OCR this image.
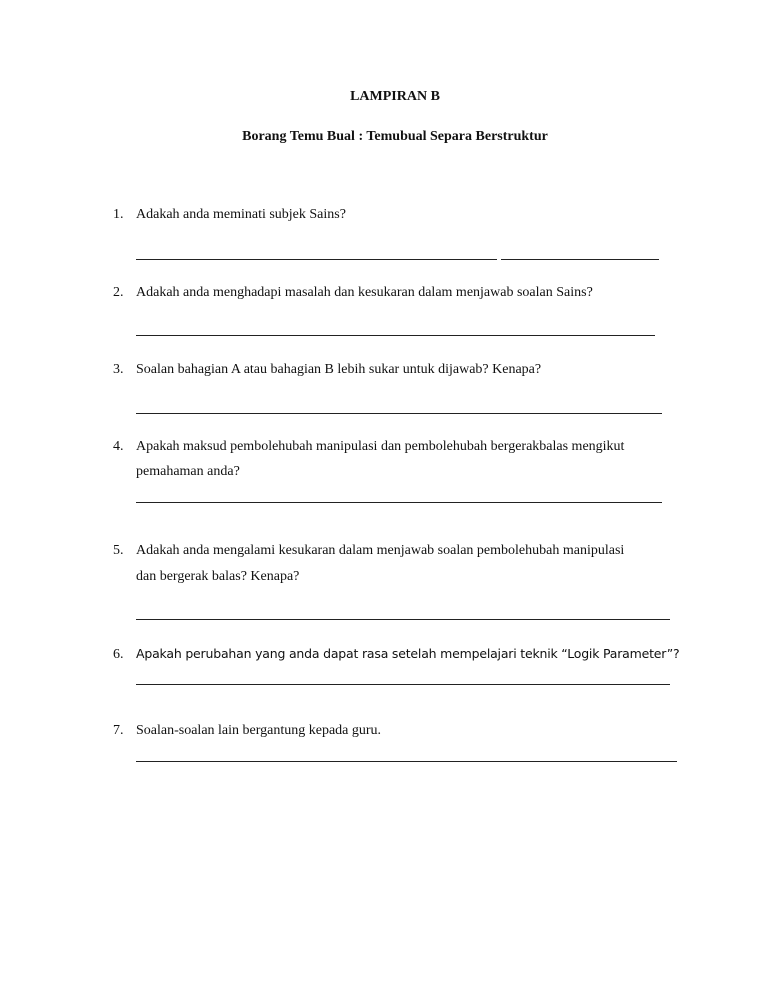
LAMPIRAN B
Borang Temu Bual : Temubual Separa Berstruktur
1. Adakah anda meminati subjek Sains?
2. Adakah anda menghadapi masalah dan kesukaran dalam menjawab soalan Sains?
3. Soalan bahagian A atau bahagian B lebih sukar untuk dijawab? Kenapa?
4. Apakah maksud pembolehubah manipulasi dan pembolehubah bergerakbalas mengikut
pemahaman anda?
5. Adakah anda mengalami kesukaran dalam menjawab soalan pembolehubah manipulasi
dan bergerak balas? Kenapa?
6. Apakah perubahan yang anda dapat rasa setelah mempelajari teknik “Logik Parameter”?
7. Soalan-soalan lain bergantung kepada guru.
